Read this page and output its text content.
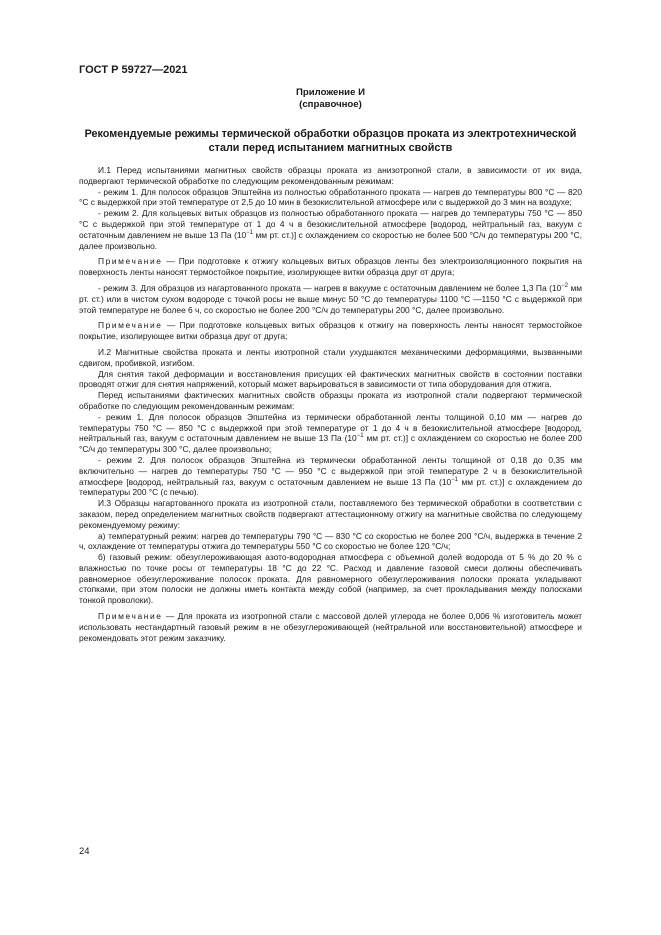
ГОСТ Р 59727—2021
Приложение И
(справочное)
Рекомендуемые режимы термической обработки образцов проката из электротехнической
стали перед испытанием магнитных свойств

И.1 Перед испытаниями магнитных свойств образцы проката из анизотропной стали, в зависимости от их вида, подвергают термической обработке по следующим рекомендованным режимам:

- режим 1. Для полосок образцов Эпштейна из полностью обработанного проката — нагрев до температуры 800 °С — 820 °С с выдержкой при этой температуре от 2,5 до 10 мин в безокислительной атмосфере или с выдержкой до 3 мин на воздухе;

- режим 2. Для кольцевых витых образцов из полностью обработанного проката — нагрев до температуры 750 °С — 850 °С с выдержкой при этой температуре от 1 до 4 ч в безокислительной атмосфере [водород, нейтральный газ, вакуум с остаточным давлением не выше 13 Па ($10^{-1}$ мм рт. ст.)] с охлаждением со скоростью не более 500 °С/ч до температуры 200 °С, далее произвольно.

Примечание — При подготовке к отжигу кольцевых витых образцов ленты без электроизоляционного покрытия на поверхность ленты наносят термостойкое покрытие, изолирующее витки образца друг от друга;

- режим 3. Для образцов из нагартованного проката — нагрев в вакууме с остаточным давлением не более 1,3 Па ($10^{-2}$ мм рт. ст.) или в чистом сухом водороде с точкой росы не выше минус 50 °С до температуры 1100 °С —1150 °С с выдержкой при этой температуре не более 6 ч, со скоростью не более 200 °С/ч до температуры 200 °С, далее произвольно.

Примечание — При подготовке кольцевых витых образцов к отжигу на поверхность ленты наносят термостойкое покрытие, изолирующее витки образца друг от друга;

И.2 Магнитные свойства проката и ленты изотропной стали ухудшаются механическими деформациями, вызванными сдвигом, пробивкой, изгибом.

Для снятия такой деформации и восстановления присущих ей фактических магнитных свойств в состоянии поставки проводят отжиг для снятия напряжений, который может варьироваться в зависимости от типа оборудования для отжига.

Перед испытаниями фактических магнитных свойств образцы проката из изотропной стали подвергают термической обработке по следующим рекомендованным режимам:

- режим 1. Для полосок образцов Эпштейна из термически обработанной ленты толщиной 0,10 мм — нагрев до температуры 750 °С — 850 °С с выдержкой при этой температуре от 1 до 4 ч в безокислительной атмосфере [водород, нейтральный газ, вакуум с остаточным давлением не выше 13 Па ($10^{-1}$ мм рт. ст.)] с охлаждением со скоростью не более 200 °С/ч до температуры 300 °С, далее произвольно;

- режим 2. Для полосок образцов Эпштейна из термически обработанной ленты толщиной от 0,18 до 0,35 мм включительно — нагрев до температуры 750 °С — 950 °С с выдержкой при этой температуре 2 ч в безокислительной атмосфере [водород, нейтральный газ, вакуум с остаточным давлением не выше 13 Па ($10^{-1}$ мм рт. ст.)] с охлаждением до температуры 200 °С (с печью).

И.3 Образцы нагартованного проката из изотропной стали, поставляемого без термической обработки в соответствии с заказом, перед определением магнитных свойств подвергают аттестационному отжигу на магнитные свойства по следующему рекомендуемому режиму:

а) температурный режим: нагрев до температуры 790 °С — 830 °С со скоростью не более 200 °С/ч, выдержка в течение 2 ч, охлаждение от температуры отжига до температуры 550 °С со скоростью не более 120 °С/ч;

б) газовый режим: обезуглероживающая азото-водородная атмосфера с объемной долей водорода от 5 % до 20 % с влажностью по точке росы от температуры 18 °С до 22 °С. Расход и давление газовой смеси должны обеспечивать равномерное обезуглероживание полосок проката. Для равномерного обезуглероживания полоски проката укладывают стопками, при этом полоски не должны иметь контакта между собой (например, за счет прокладывания между полосками тонкой проволоки).

Примечание — Для проката из изотропной стали с массовой долей углерода не более 0,006 % изготовитель может использовать нестандартный газовый режим в не обезуглероживающей (нейтральной или восстановительной) атмосфере и рекомендовать этот режим заказчику.

24
